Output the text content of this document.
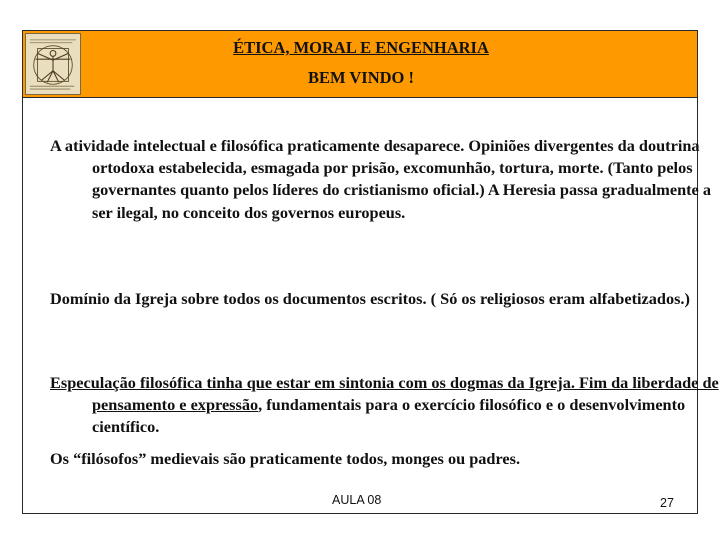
ÉTICA, MORAL E ENGENHARIA
BEM VINDO !

A atividade intelectual e filosófica praticamente desaparece. Opiniões divergentes da doutrina ortodoxa estabelecida, esmagada por prisão, excomunhão, tortura, morte. (Tanto pelos governantes quanto pelos líderes do cristianismo oficial.) A Heresia passa gradualmente a ser ilegal, no conceito dos governos europeus.

Domínio da Igreja sobre todos os documentos escritos. ( Só os religiosos eram alfabetizados.)

Especulação filosófica tinha que estar em sintonia com os dogmas da Igreja. Fim da liberdade de pensamento e expressão, fundamentais para o exercício filosófico e o desenvolvimento científico.

Os “filósofos” medievais são praticamente todos, monges ou padres.

AULA 08	27
